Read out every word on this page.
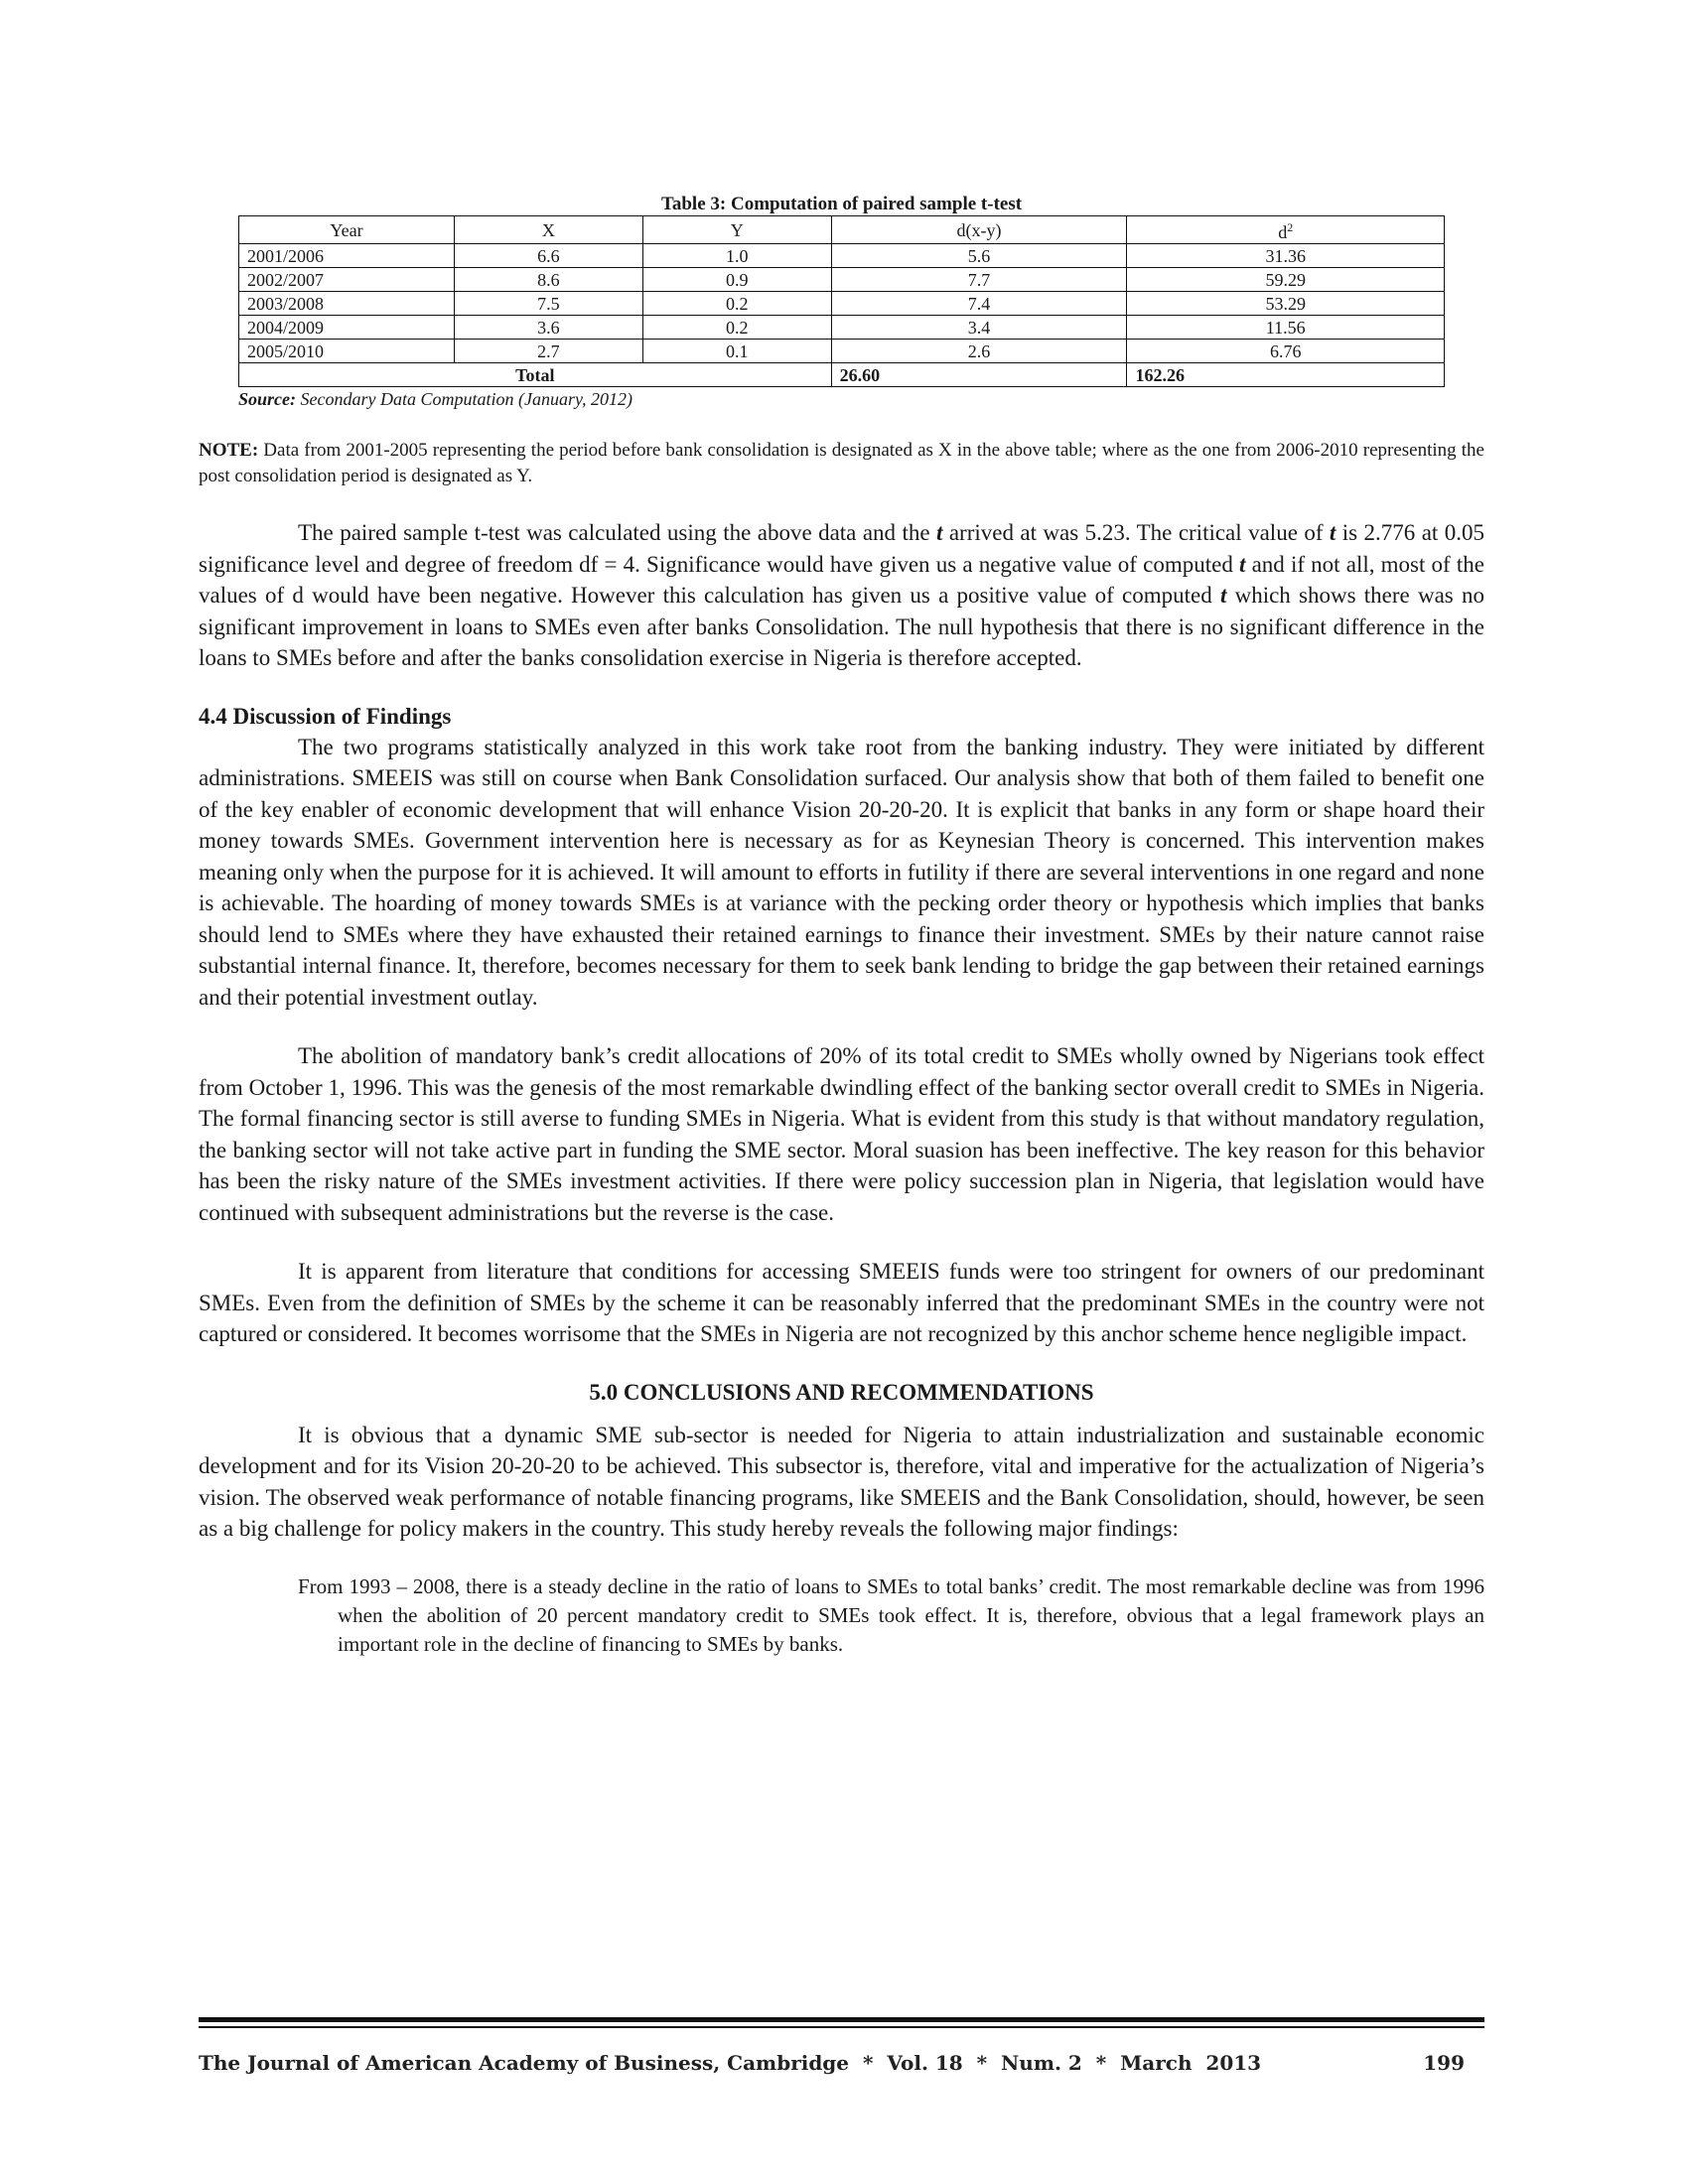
Table 3: Computation of paired sample t-test

Year	X	Y	d(x-y)	$d^2$
2001/2006	6.6	1.0	5.6	31.36
2002/2007	8.6	0.9	7.7	59.29
2003/2008	7.5	0.2	7.4	53.29
2004/2009	3.6	0.2	3.4	11.56
2005/2010	2.7	0.1	2.6	6.76
Total			26.60	162.26
Source: Secondary Data Computation (January, 2012)

NOTE: Data from 2001-2005 representing the period before bank consolidation is designated as X in the above table; where as the one from 2006-2010 representing the post consolidation period is designated as Y.

The paired sample t-test was calculated using the above data and the t arrived at was 5.23. The critical value of t is 2.776 at 0.05 significance level and degree of freedom df = 4. Significance would have given us a negative value of computed t and if not all, most of the values of d would have been negative. However this calculation has given us a positive value of computed t which shows there was no significant improvement in loans to SMEs even after banks Consolidation. The null hypothesis that there is no significant difference in the loans to SMEs before and after the banks consolidation exercise in Nigeria is therefore accepted.

4.4 Discussion of Findings

The two programs statistically analyzed in this work take root from the banking industry. They were initiated by different administrations. SMEEIS was still on course when Bank Consolidation surfaced. Our analysis show that both of them failed to benefit one of the key enabler of economic development that will enhance Vision 20-20-20. It is explicit that banks in any form or shape hoard their money towards SMEs. Government intervention here is necessary as for as Keynesian Theory is concerned. This intervention makes meaning only when the purpose for it is achieved. It will amount to efforts in futility if there are several interventions in one regard and none is achievable. The hoarding of money towards SMEs is at variance with the pecking order theory or hypothesis which implies that banks should lend to SMEs where they have exhausted their retained earnings to finance their investment. SMEs by their nature cannot raise substantial internal finance. It, therefore, becomes necessary for them to seek bank lending to bridge the gap between their retained earnings and their potential investment outlay.

The abolition of mandatory bank’s credit allocations of 20% of its total credit to SMEs wholly owned by Nigerians took effect from October 1, 1996. This was the genesis of the most remarkable dwindling effect of the banking sector overall credit to SMEs in Nigeria. The formal financing sector is still averse to funding SMEs in Nigeria. What is evident from this study is that without mandatory regulation, the banking sector will not take active part in funding the SME sector. Moral suasion has been ineffective. The key reason for this behavior has been the risky nature of the SMEs investment activities. If there were policy succession plan in Nigeria, that legislation would have continued with subsequent administrations but the reverse is the case.

It is apparent from literature that conditions for accessing SMEEIS funds were too stringent for owners of our predominant SMEs. Even from the definition of SMEs by the scheme it can be reasonably inferred that the predominant SMEs in the country were not captured or considered. It becomes worrisome that the SMEs in Nigeria are not recognized by this anchor scheme hence negligible impact.

5.0 CONCLUSIONS AND RECOMMENDATIONS

It is obvious that a dynamic SME sub-sector is needed for Nigeria to attain industrialization and sustainable economic development and for its Vision 20-20-20 to be achieved. This subsector is, therefore, vital and imperative for the actualization of Nigeria’s vision. The observed weak performance of notable financing programs, like SMEEIS and the Bank Consolidation, should, however, be seen as a big challenge for policy makers in the country. This study hereby reveals the following major findings:

From 1993 – 2008, there is a steady decline in the ratio of loans to SMEs to total banks’ credit. The most remarkable decline was from 1996 when the abolition of 20 percent mandatory credit to SMEs took effect. It is, therefore, obvious that a legal framework plays an important role in the decline of financing to SMEs by banks.

The Journal of American Academy of Business, Cambridge  *  Vol. 18  *  Num. 2  *  March  2013	199
